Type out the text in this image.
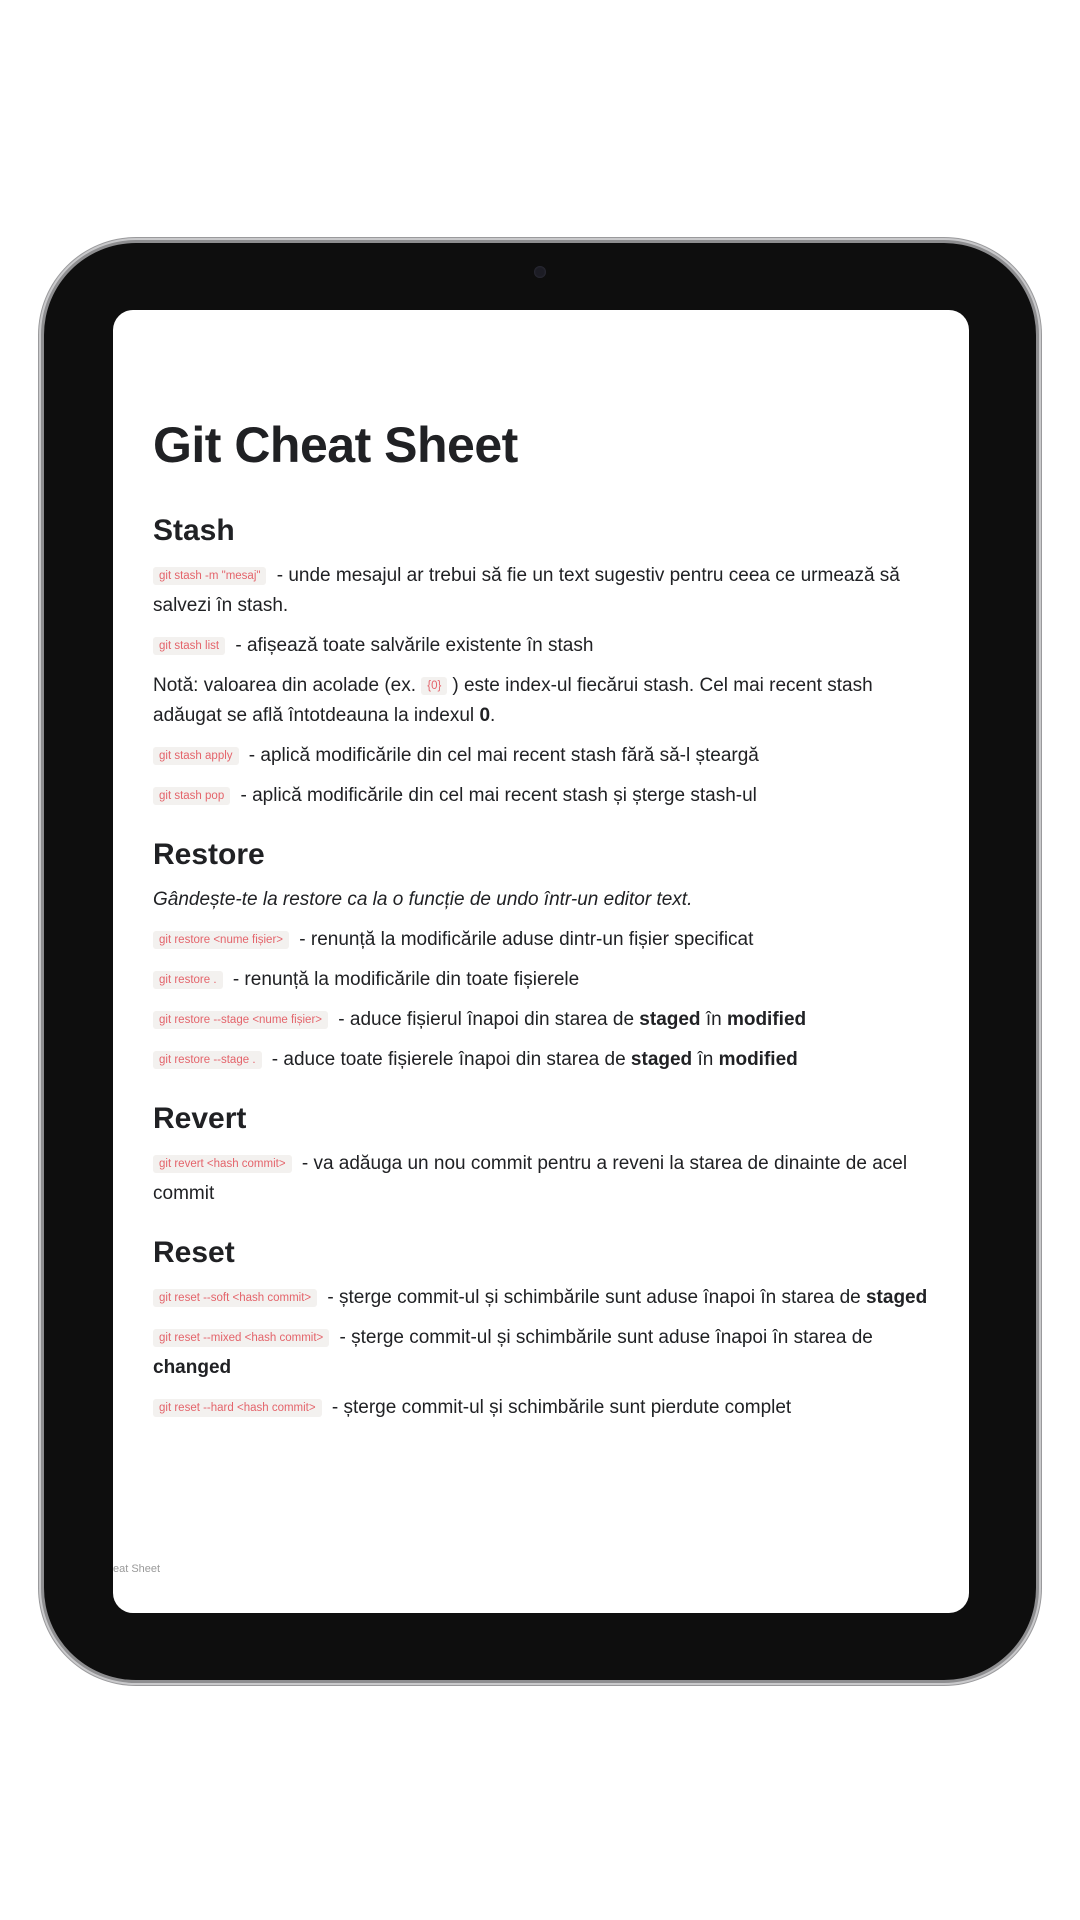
Git Cheat Sheet
Stash
git stash -m "mesaj" - unde mesajul ar trebui să fie un text sugestiv pentru ceea ce urmează să salvezi în stash.
git stash list - afișează toate salvările existente în stash
Notă: valoarea din acolade (ex. {0} ) este index-ul fiecărui stash. Cel mai recent stash adăugat se află întotdeauna la indexul 0.
git stash apply - aplică modificările din cel mai recent stash fără să-l șteargă
git stash pop - aplică modificările din cel mai recent stash și șterge stash-ul
Restore
Gândește-te la restore ca la o funcție de undo într-un editor text.
git restore <nume fișier> - renunță la modificările aduse dintr-un fișier specificat
git restore . - renunță la modificările din toate fișierele
git restore --stage <nume fișier> - aduce fișierul înapoi din starea de staged în modified
git restore --stage . - aduce toate fișierele înapoi din starea de staged în modified
Revert
git revert <hash commit> - va adăuga un nou commit pentru a reveni la starea de dinainte de acel commit
Reset
git reset --soft <hash commit> - șterge commit-ul și schimbările sunt aduse înapoi în starea de staged
git reset --mixed <hash commit> - șterge commit-ul și schimbările sunt aduse înapoi în starea de changed
git reset --hard <hash commit> - șterge commit-ul și schimbările sunt pierdute complet
eat Sheet
